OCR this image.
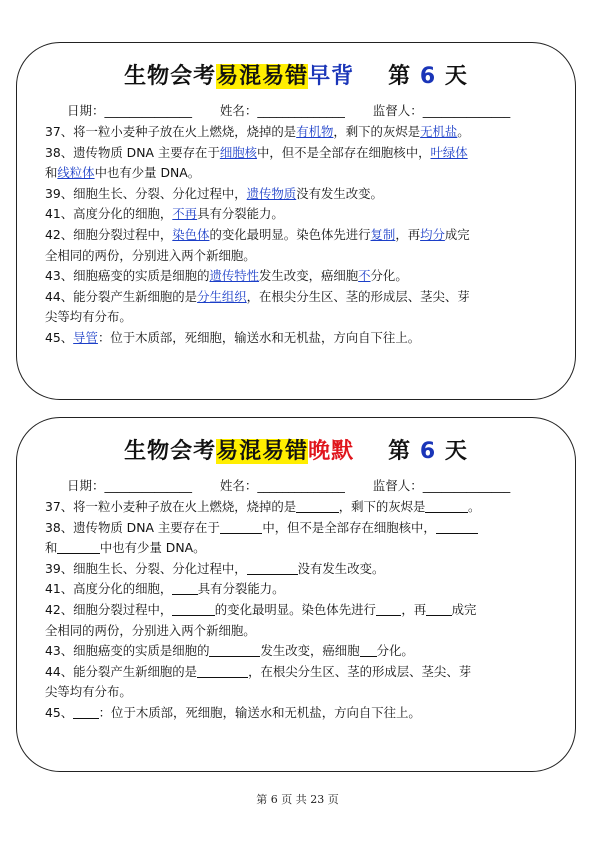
生物会考易混易错早背 第 6 天
日期：______________ 姓名：______________ 监督人：______________
37、将一粒小麦种子放在火上燃烧，烧掉的是有机物，剩下的灰烬是无机盐。
38、遗传物质 DNA 主要存在于细胞核中，但不是全部存在细胞核中，叶绿体
和线粒体中也有少量 DNA。
39、细胞生长、分裂、分化过程中，遗传物质没有发生改变。
41、高度分化的细胞，不再具有分裂能力。
42、细胞分裂过程中，染色体的变化最明显。染色体先进行复制，再均分成完
全相同的两份，分别进入两个新细胞。
43、细胞癌变的实质是细胞的遗传特性发生改变，癌细胞不分化。
44、能分裂产生新细胞的是分生组织，在根尖分生区、茎的形成层、茎尖、芽
尖等均有分布。
45、导管：位于木质部，死细胞，输送水和无机盐，方向自下往上。
生物会考易混易错晚默 第 6 天
日期：______________ 姓名：______________ 监督人：______________
37、将一粒小麦种子放在火上燃烧，烧掉的是	，剩下的灰烬是	。
38、遗传物质 DNA 主要存在于	中，但不是全部存在细胞核中，
和	中也有少量 DNA。
39、细胞生长、分裂、分化过程中，	没有发生改变。
41、高度分化的细胞， 具有分裂能力。
42、细胞分裂过程中，	的变化最明显。染色体先进行 ，再 成完
全相同的两份，分别进入两个新细胞。
43、细胞癌变的实质是细胞的	发生改变，癌细胞 分化。
44、能分裂产生新细胞的是	，在根尖分生区、茎的形成层、茎尖、芽
尖等均有分布。
45、 ：位于木质部，死细胞，输送水和无机盐，方向自下往上。
第 6 页 共 23 页
